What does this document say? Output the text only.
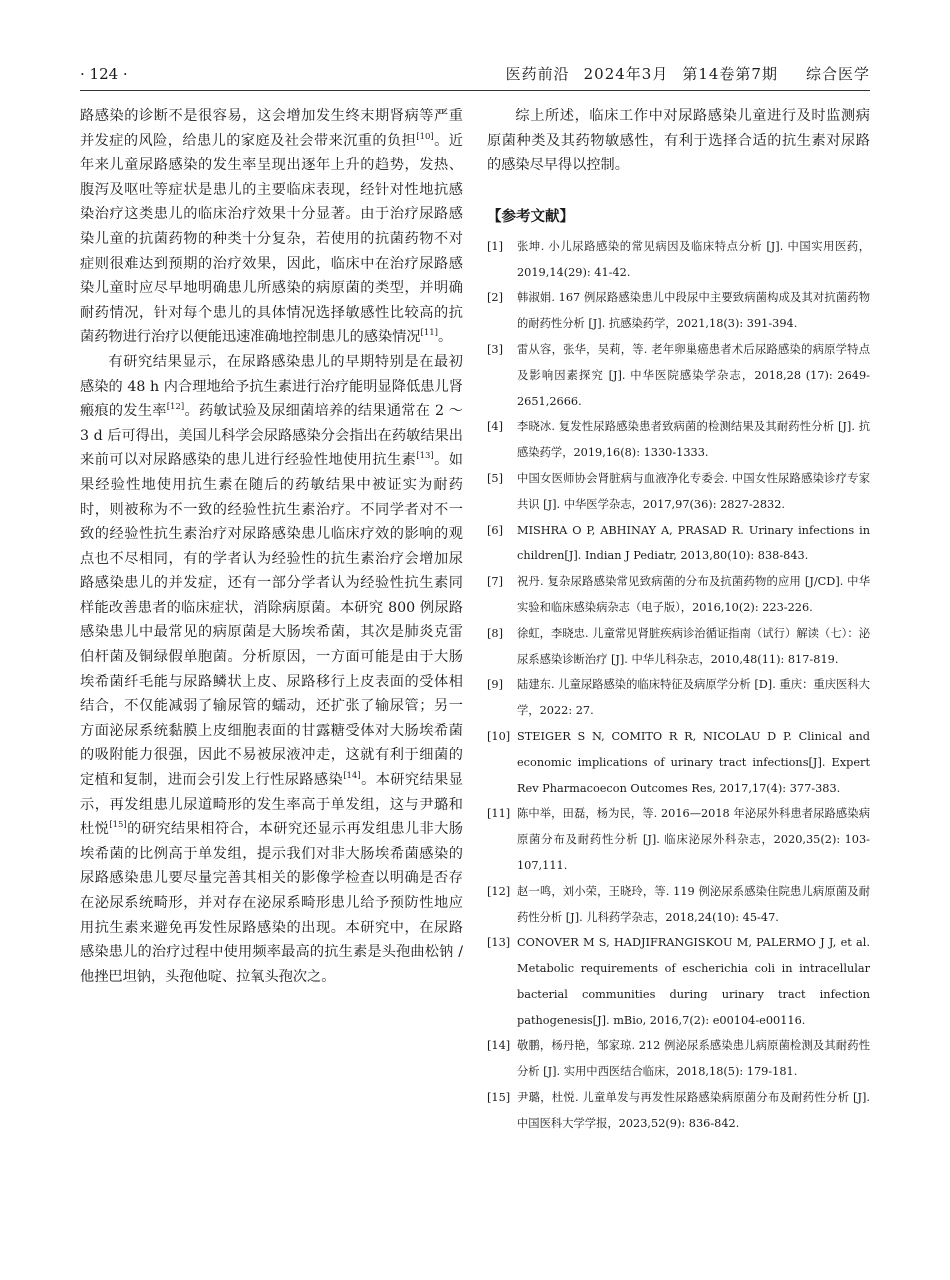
· 124 ·	医药前沿 2024年3月 第14卷第7期 综合医学

路感染的诊断不是很容易，这会增加发生终末期肾病等严重并发症的风险，给患儿的家庭及社会带来沉重的负担[10]。近年来儿童尿路感染的发生率呈现出逐年上升的趋势，发热、腹泻及呕吐等症状是患儿的主要临床表现，经针对性地抗感染治疗这类患儿的临床治疗效果十分显著。由于治疗尿路感染儿童的抗菌药物的种类十分复杂，若使用的抗菌药物不对症则很难达到预期的治疗效果，因此，临床中在治疗尿路感染儿童时应尽早地明确患儿所感染的病原菌的类型，并明确耐药情况，针对每个患儿的具体情况选择敏感性比较高的抗菌药物进行治疗以便能迅速准确地控制患儿的感染情况[11]。

有研究结果显示，在尿路感染患儿的早期特别是在最初感染的 48 h 内合理地给予抗生素进行治疗能明显降低患儿肾瘢痕的发生率[12]。药敏试验及尿细菌培养的结果通常在 2 ～ 3 d 后可得出，美国儿科学会尿路感染分会指出在药敏结果出来前可以对尿路感染的患儿进行经验性地使用抗生素[13]。如果经验性地使用抗生素在随后的药敏结果中被证实为耐药时，则被称为不一致的经验性抗生素治疗。不同学者对不一致的经验性抗生素治疗对尿路感染患儿临床疗效的影响的观点也不尽相同，有的学者认为经验性的抗生素治疗会增加尿路感染患儿的并发症，还有一部分学者认为经验性抗生素同样能改善患者的临床症状，消除病原菌。本研究 800 例尿路感染患儿中最常见的病原菌是大肠埃希菌，其次是肺炎克雷伯杆菌及铜绿假单胞菌。分析原因，一方面可能是由于大肠埃希菌纤毛能与尿路鳞状上皮、尿路移行上皮表面的受体相结合，不仅能减弱了输尿管的蠕动，还扩张了输尿管；另一方面泌尿系统黏膜上皮细胞表面的甘露糖受体对大肠埃希菌的吸附能力很强，因此不易被尿液冲走，这就有利于细菌的定植和复制，进而会引发上行性尿路感染[14]。本研究结果显示，再发组患儿尿道畸形的发生率高于单发组，这与尹璐和杜悦[15]的研究结果相符合，本研究还显示再发组患儿非大肠埃希菌的比例高于单发组，提示我们对非大肠埃希菌感染的尿路感染患儿要尽量完善其相关的影像学检查以明确是否存在泌尿系统畸形，并对存在泌尿系畸形患儿给予预防性地应用抗生素来避免再发性尿路感染的出现。本研究中，在尿路感染患儿的治疗过程中使用频率最高的抗生素是头孢曲松钠 / 他挫巴坦钠，头孢他啶、拉氧头孢次之。

综上所述，临床工作中对尿路感染儿童进行及时监测病原菌种类及其药物敏感性，有利于选择合适的抗生素对尿路的感染尽早得以控制。

【参考文献】
[1] 张坤. 小儿尿路感染的常见病因及临床特点分析 [J]. 中国实用医药，2019,14(29): 41-42.
[2] 韩淑娟. 167 例尿路感染患儿中段尿中主要致病菌构成及其对抗菌药物的耐药性分析 [J]. 抗感染药学，2021,18(3): 391-394.
[3] 雷从容，张华，吴莉，等. 老年卵巢癌患者术后尿路感染的病原学特点及影响因素探究 [J]. 中华医院感染学杂志，2018,28 (17): 2649-2651,2666.
[4] 李晓冰. 复发性尿路感染患者致病菌的检测结果及其耐药性分析 [J]. 抗感染药学，2019,16(8): 1330-1333.
[5] 中国女医师协会肾脏病与血液净化专委会. 中国女性尿路感染诊疗专家共识 [J]. 中华医学杂志，2017,97(36): 2827-2832.
[6] MISHRA O P, ABHINAY A, PRASAD R. Urinary infections in children[J]. Indian J Pediatr, 2013,80(10): 838-843.
[7] 祝丹. 复杂尿路感染常见致病菌的分布及抗菌药物的应用 [J/CD]. 中华实验和临床感染病杂志（电子版），2016,10(2): 223-226.
[8] 徐虹，李晓忠. 儿童常见肾脏疾病诊治循证指南（试行）解读（七）：泌尿系感染诊断治疗 [J]. 中华儿科杂志，2010,48(11): 817-819.
[9] 陆建东. 儿童尿路感染的临床特征及病原学分析 [D]. 重庆：重庆医科大学，2022: 27.
[10] STEIGER S N, COMITO R R, NICOLAU D P. Clinical and economic implications of urinary tract infections[J]. Expert Rev Pharmacoecon Outcomes Res, 2017,17(4): 377-383.
[11] 陈中举，田磊，杨为民，等. 2016—2018 年泌尿外科患者尿路感染病原菌分布及耐药性分析 [J]. 临床泌尿外科杂志，2020,35(2): 103-107,111.
[12] 赵一鸣，刘小荣，王晓玲，等. 119 例泌尿系感染住院患儿病原菌及耐药性分析 [J]. 儿科药学杂志，2018,24(10): 45-47.
[13] CONOVER M S, HADJIFRANGISKOU M, PALERMO J J, et al. Metabolic requirements of escherichia coli in intracellular bacterial communities during urinary tract infection pathogenesis[J]. mBio, 2016,7(2): e00104-e00116.
[14] 敬鹏，杨丹艳，邹家琼. 212 例泌尿系感染患儿病原菌检测及其耐药性分析 [J]. 实用中西医结合临床，2018,18(5): 179-181.
[15] 尹璐，杜悦. 儿童单发与再发性尿路感染病原菌分布及耐药性分析 [J]. 中国医科大学学报，2023,52(9): 836-842.
